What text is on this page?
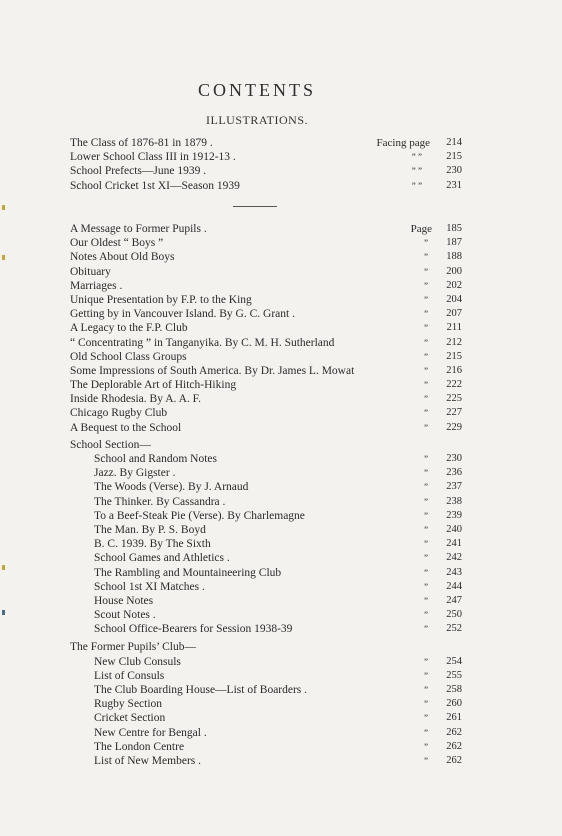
CONTENTS
ILLUSTRATIONS.
The Class of 1876-81 in 1879 .	Facing page 214
Lower School Class III in 1912-13 .	” ” 215
School Prefects—June 1939 .	” ” 230
School Cricket 1st XI—Season 1939	” ” 231
A Message to Former Pupils .	Page 185
Our Oldest “ Boys ”	” 187
Notes About Old Boys	” 188
Obituary	” 200
Marriages .	” 202
Unique Presentation by F.P. to the King	” 204
Getting by in Vancouver Island. By G. C. Grant .	” 207
A Legacy to the F.P. Club	” 211
“ Concentrating ” in Tanganyika. By C. M. H. Sutherland	” 212
Old School Class Groups	” 215
Some Impressions of South America. By Dr. James L. Mowat	” 216
The Deplorable Art of Hitch-Hiking	” 222
Inside Rhodesia. By A. A. F.	” 225
Chicago Rugby Club	” 227
A Bequest to the School	” 229
School Section—
School and Random Notes	” 230
Jazz. By Gigster .	” 236
The Woods (Verse). By J. Arnaud	” 237
The Thinker. By Cassandra .	” 238
To a Beef-Steak Pie (Verse). By Charlemagne	” 239
The Man. By P. S. Boyd	” 240
B. C. 1939. By The Sixth	” 241
School Games and Athletics .	” 242
The Rambling and Mountaineering Club	” 243
School 1st XI Matches .	” 244
House Notes	” 247
Scout Notes .	” 250
School Office-Bearers for Session 1938-39	” 252
The Former Pupils’ Club—
New Club Consuls	” 254
List of Consuls	” 255
The Club Boarding House—List of Boarders .	” 258
Rugby Section	” 260
Cricket Section	” 261
New Centre for Bengal .	” 262
The London Centre	” 262
List of New Members .	” 262
